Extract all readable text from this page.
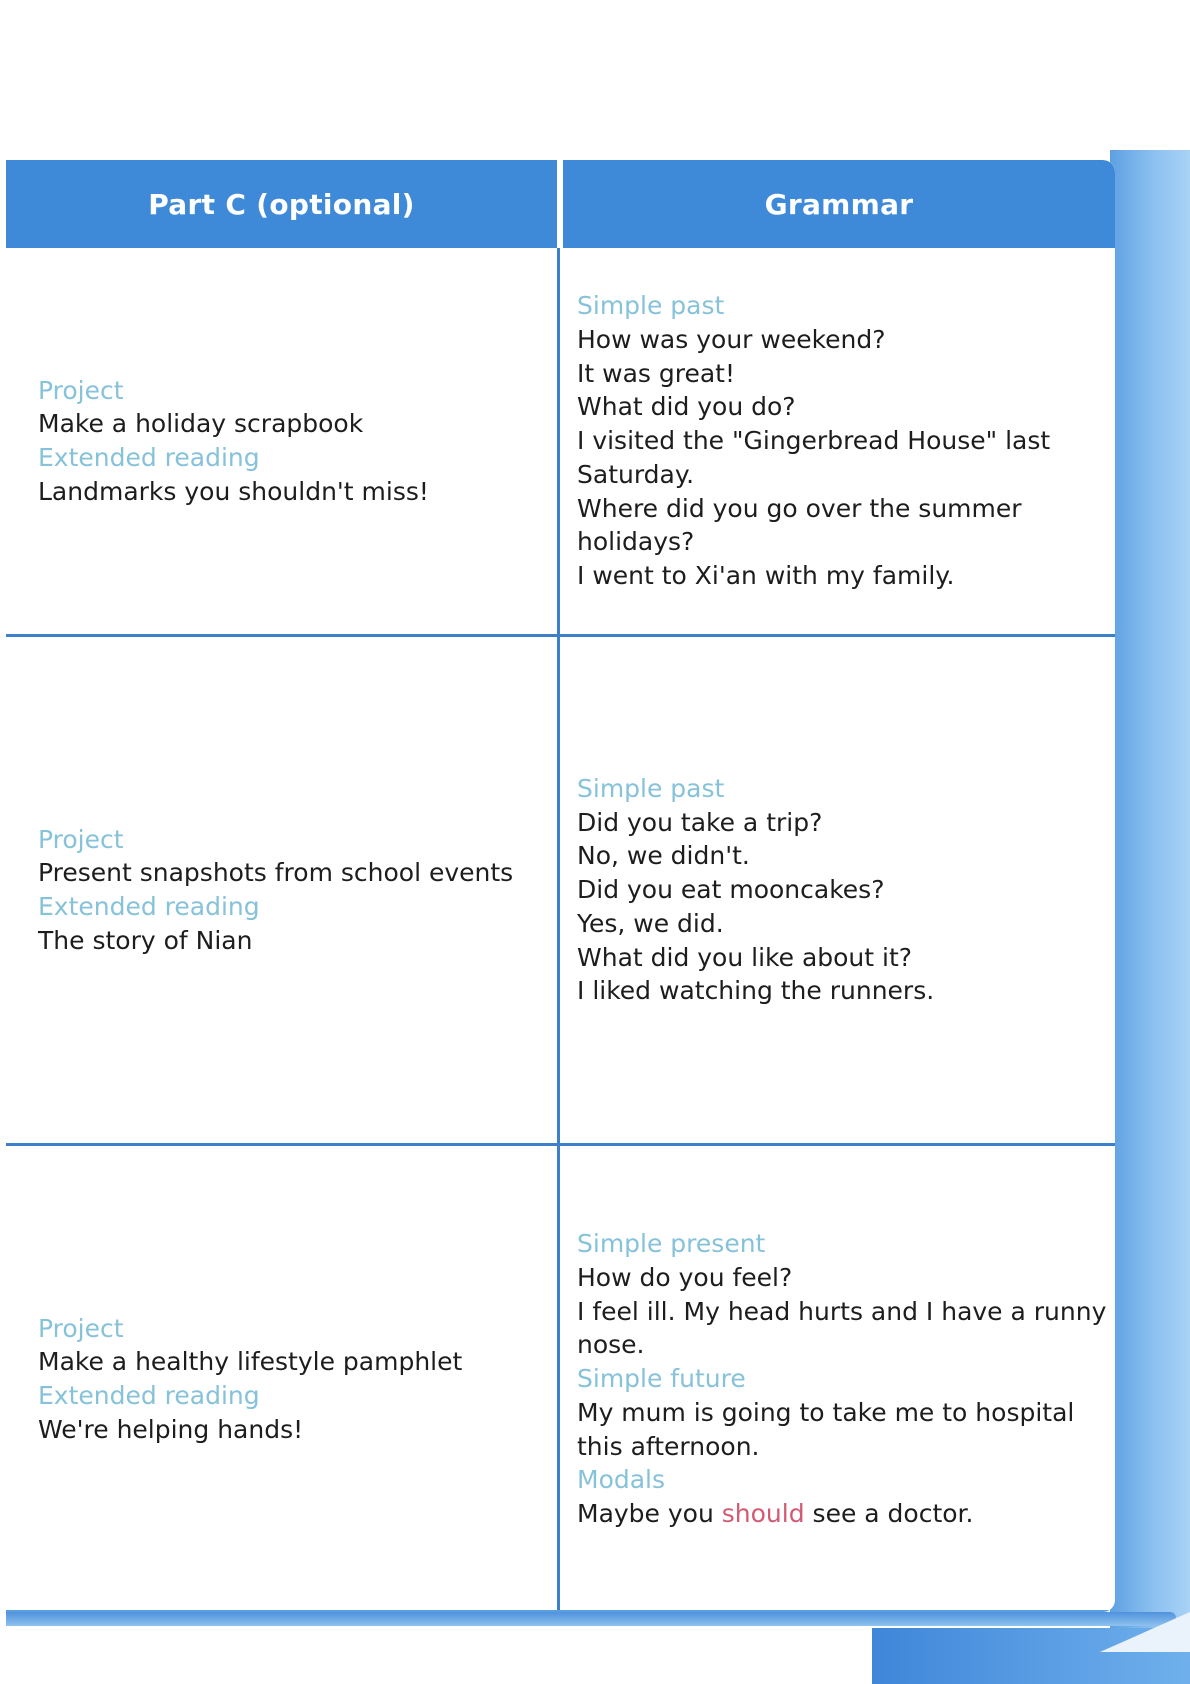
Part C (optional)	Grammar
Project
Make a holiday scrapbook
Extended reading
Landmarks you shouldn't miss!
Simple past
How was your weekend?
It was great!
What did you do?
I visited the "Gingerbread House" last Saturday.
Where did you go over the summer holidays?
I went to Xi'an with my family.
Project
Present snapshots from school events
Extended reading
The story of Nian
Simple past
Did you take a trip?
No, we didn't.
Did you eat mooncakes?
Yes, we did.
What did you like about it?
I liked watching the runners.
Project
Make a healthy lifestyle pamphlet
Extended reading
We're helping hands!
Simple present
How do you feel?
I feel ill. My head hurts and I have a runny nose.
Simple future
My mum is going to take me to hospital this afternoon.
Modals
Maybe you should see a doctor.
